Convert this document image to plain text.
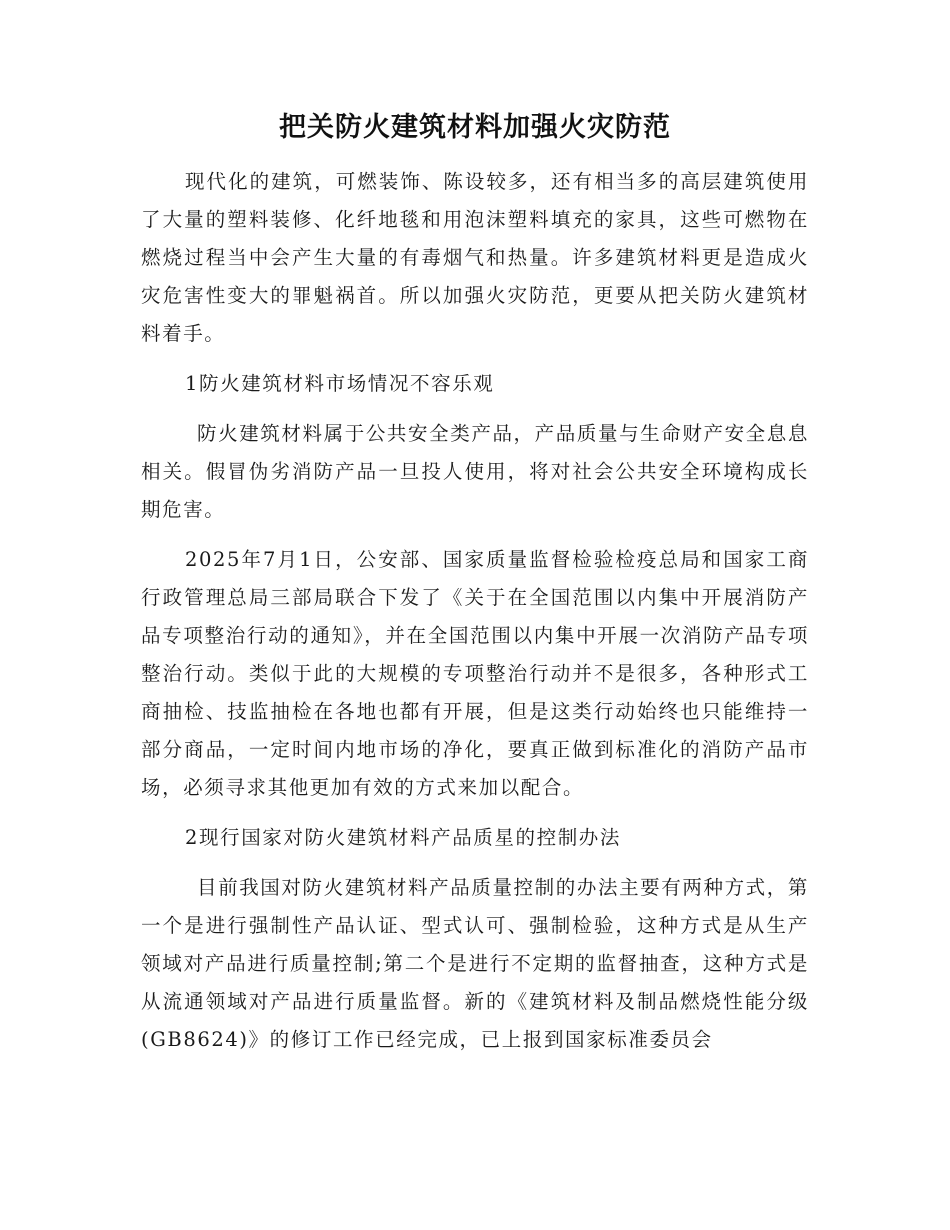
把关防火建筑材料加强火灾防范

现代化的建筑，可燃装饰、陈设较多，还有相当多的高层建筑使用了大量的塑料装修、化纤地毯和用泡沫塑料填充的家具，这些可燃物在燃烧过程当中会产生大量的有毒烟气和热量。许多建筑材料更是造成火灾危害性变大的罪魁祸首。所以加强火灾防范，更要从把关防火建筑材料着手。

1防火建筑材料市场情况不容乐观

防火建筑材料属于公共安全类产品，产品质量与生命财产安全息息相关。假冒伪劣消防产品一旦投人使用，将对社会公共安全环境构成长期危害。

2025年7月1日，公安部、国家质量监督检验检疫总局和国家工商行政管理总局三部局联合下发了《关于在全国范围以内集中开展消防产品专项整治行动的通知》，并在全国范围以内集中开展一次消防产品专项整治行动。类似于此的大规模的专项整治行动并不是很多，各种形式工商抽检、技监抽检在各地也都有开展，但是这类行动始终也只能维持一部分商品，一定时间内地市场的净化，要真正做到标准化的消防产品市场，必须寻求其他更加有效的方式来加以配合。

2现行国家对防火建筑材料产品质星的控制办法

目前我国对防火建筑材料产品质量控制的办法主要有两种方式，第一个是进行强制性产品认证、型式认可、强制检验，这种方式是从生产领域对产品进行质量控制;第二个是进行不定期的监督抽查，这种方式是从流通领域对产品进行质量监督。新的《建筑材料及制品燃烧性能分级(GB8624)》的修订工作已经完成，已上报到国家标准委员会
